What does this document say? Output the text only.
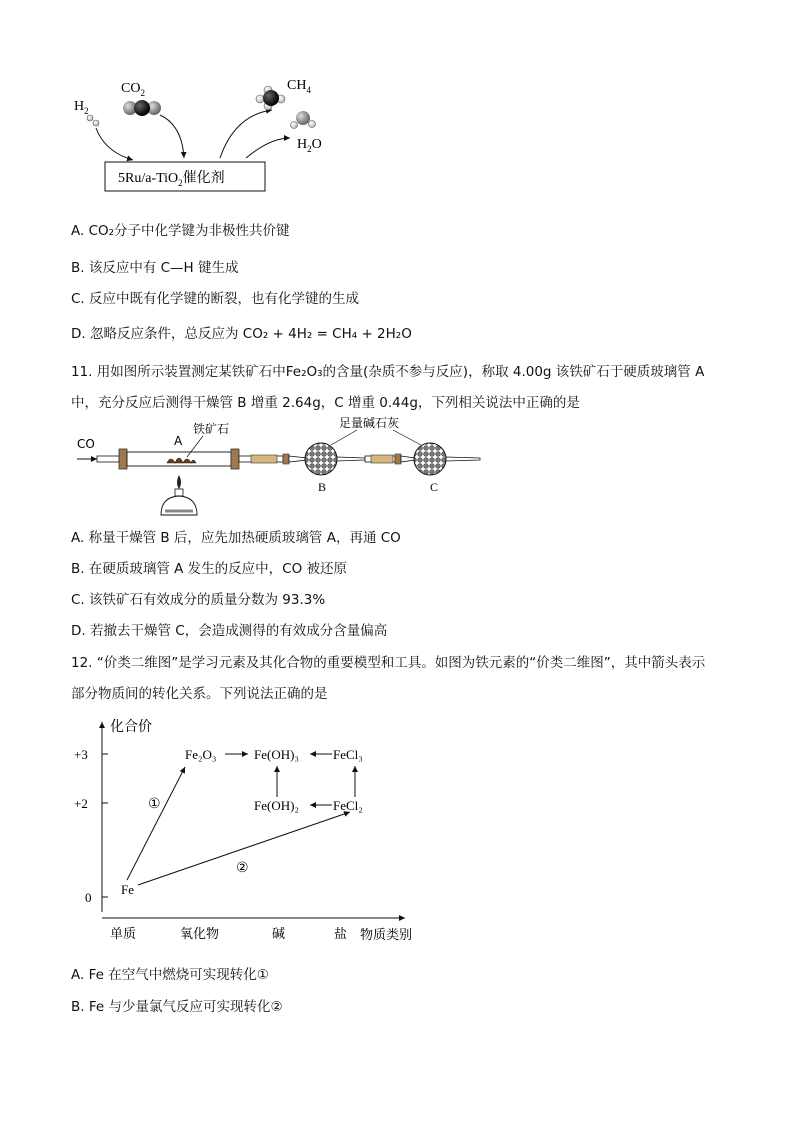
$H_2$
$CO_2$	$CH_4$
$H_2O$
5Ru/a-TiO$_2$催化剂
A. CO₂分子中化学键为非极性共价键
B. 该反应中有 C—H 键生成
C. 反应中既有化学键的断裂，也有化学键的生成
D. 忽略反应条件，总反应为 CO₂ + 4H₂ = CH₄ + 2H₂O
11. 用如图所示装置测定某铁矿石中Fe₂O₃的含量(杂质不参与反应)，称取 4.00g 该铁矿石于硬质玻璃管 A
中，充分反应后测得干燥管 B 增重 2.64g，C 增重 0.44g，下列相关说法中正确的是
CO	A
铁矿石
B	C
足量碱石灰
A. 称量干燥管 B 后，应先加热硬质玻璃管 A，再通 CO
B. 在硬质玻璃管 A 发生的反应中，CO 被还原
C. 该铁矿石有效成分的质量分数为 93.3%
D. 若撤去干燥管 C，会造成测得的有效成分含量偏高
12. “价类二维图”是学习元素及其化合物的重要模型和工具。如图为铁元素的“价类二维图”，其中箭头表示
部分物质间的转化关系。下列说法正确的是
化合价
+3
+2
0
单质	氧化物	碱	盐 物质类别
Fe
Fe₂O₃	Fe(OH)₃	FeCl₃
Fe(OH)₂	FeCl₂
①
②
A. Fe 在空气中燃烧可实现转化①
B. Fe 与少量氯气反应可实现转化②
